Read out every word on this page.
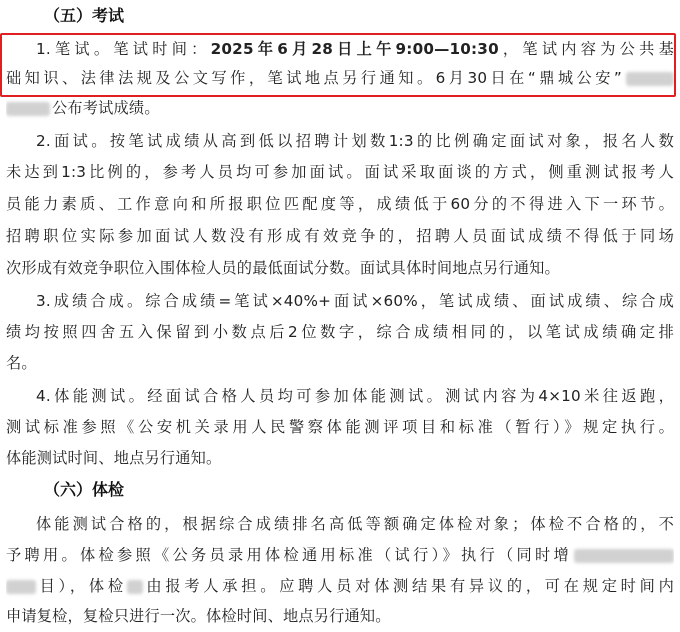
（五）考试
1.笔试。笔试时间：2025年6月28日上午9:00—10:30，笔试内容为公共基
础知识、法律法规及公文写作，笔试地点另行通知。6月30日在“鼎城公安”
公布考试成绩。
2.面试。按笔试成绩从高到低以招聘计划数1:3的比例确定面试对象，报名人数
未达到1:3比例的，参考人员均可参加面试。面试采取面谈的方式，侧重测试报考人
员能力素质、工作意向和所报职位匹配度等，成绩低于60分的不得进入下一环节。
招聘职位实际参加面试人数没有形成有效竞争的，招聘人员面试成绩不得低于同场
次形成有效竞争职位入围体检人员的最低面试分数。面试具体时间地点另行通知。
3.成绩合成。综合成绩=笔试×40%+面试×60%，笔试成绩、面试成绩、综合成
绩均按照四舍五入保留到小数点后2位数字，综合成绩相同的，以笔试成绩确定排
名。
4.体能测试。经面试合格人员均可参加体能测试。测试内容为4×10米往返跑，
测试标准参照《公安机关录用人民警察体能测评项目和标准（暂行）》规定执行。
体能测试时间、地点另行通知。
（六）体检
体能测试合格的，根据综合成绩排名高低等额确定体检对象；体检不合格的，不
予聘用。体检参照《公务员录用体检通用标准（试行）》执行（同时增
目），体检 由报考人承担。应聘人员对体测结果有异议的，可在规定时间内
申请复检，复检只进行一次。体检时间、地点另行通知。
